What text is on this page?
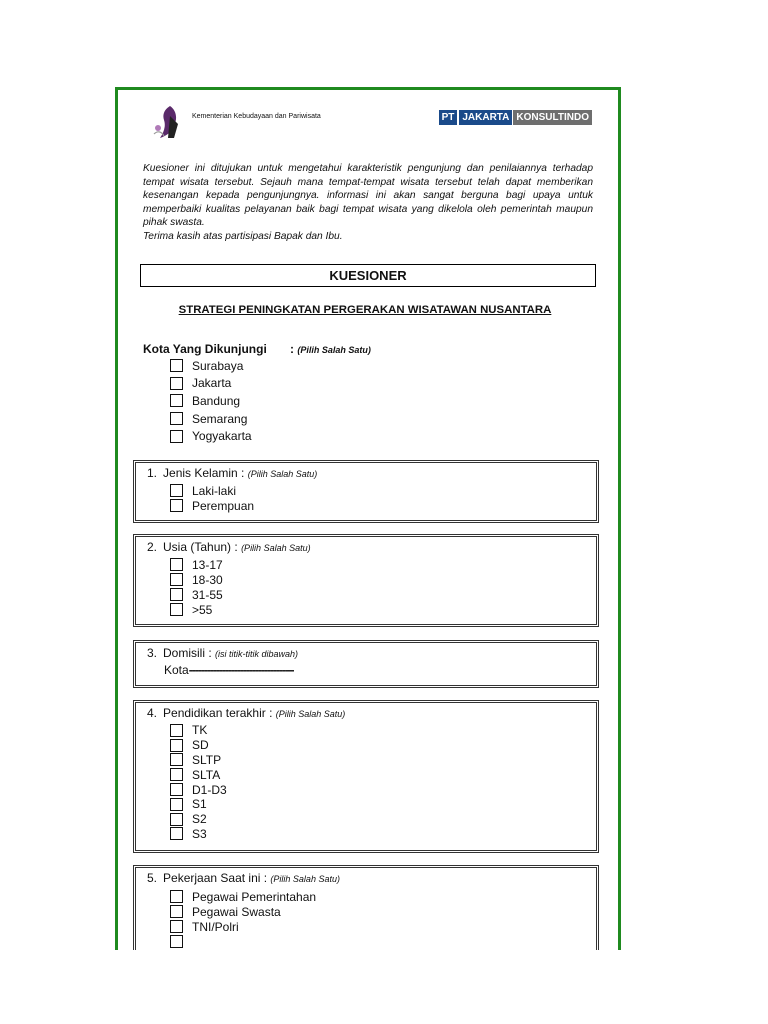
Kementerian Kebudayaan dan Pariwisata	PT JAKARTA KONSULTINDO

Kuesioner ini ditujukan untuk mengetahui karakteristik pengunjung dan penilaiannya terhadap tempat wisata tersebut. Sejauh mana tempat-tempat wisata tersebut telah dapat memberikan kesenangan kepada pengunjungnya. informasi ini akan sangat berguna bagi upaya untuk memperbaiki kualitas pelayanan baik bagi tempat wisata yang dikelola oleh pemerintah maupun pihak swasta.

Terima kasih atas partisipasi Bapak dan Ibu.

KUESIONER
STRATEGI PENINGKATAN PERGERAKAN WISATAWAN NUSANTARA
Kota Yang Dikunjungi : (Pilih Salah Satu)
Surabaya
Jakarta
Bandung
Semarang
Yogyakarta
1. Jenis Kelamin : (Pilih Salah Satu)
Laki-laki
Perempuan
2. Usia (Tahun) : (Pilih Salah Satu)
13-17
18-30
31-55
>55
3. Domisili : (isi titik-titik dibawah)
Kota-----------------------------------
4. Pendidikan terakhir : (Pilih Salah Satu)
TK
SD
SLTP
SLTA
D1-D3
S1
S2
S3
5. Pekerjaan Saat ini : (Pilih Salah Satu)
Pegawai Pemerintahan
Pegawai Swasta
TNI/Polri
